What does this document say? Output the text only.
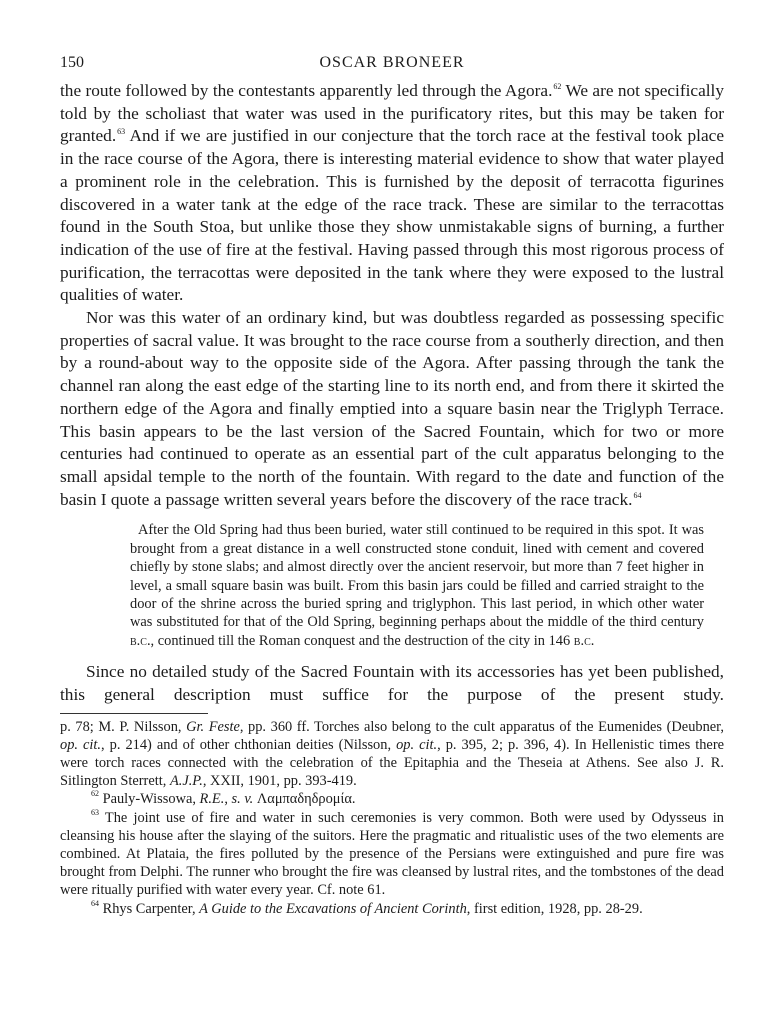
150	OSCAR BRONEER

the route followed by the contestants apparently led through the Agora.$^{62}$ We are not specifically told by the scholiast that water was used in the purificatory rites, but this may be taken for granted.$^{63}$ And if we are justified in our conjecture that the torch race at the festival took place in the race course of the Agora, there is interesting material evidence to show that water played a prominent role in the celebration. This is furnished by the deposit of terracotta figurines discovered in a water tank at the edge of the race track. These are similar to the terracottas found in the South Stoa, but unlike those they show unmistakable signs of burning, a further indication of the use of fire at the festival. Having passed through this most rigorous process of purification, the terracottas were deposited in the tank where they were exposed to the lustral qualities of water.

Nor was this water of an ordinary kind, but was doubtless regarded as possessing specific properties of sacral value. It was brought to the race course from a southerly direction, and then by a round-about way to the opposite side of the Agora. After passing through the tank the channel ran along the east edge of the starting line to its north end, and from there it skirted the northern edge of the Agora and finally emptied into a square basin near the Triglyph Terrace. This basin appears to be the last version of the Sacred Fountain, which for two or more centuries had continued to operate as an essential part of the cult apparatus belonging to the small apsidal temple to the north of the fountain. With regard to the date and function of the basin I quote a passage written several years before the discovery of the race track.$^{64}$

After the Old Spring had thus been buried, water still continued to be required in this spot. It was brought from a great distance in a well constructed stone conduit, lined with cement and covered chiefly by stone slabs; and almost directly over the ancient reservoir, but more than 7 feet higher in level, a small square basin was built. From this basin jars could be filled and carried straight to the door of the shrine across the buried spring and triglyphon. This last period, in which other water was substituted for that of the Old Spring, beginning perhaps about the middle of the third century b.c., continued till the Roman conquest and the destruction of the city in 146 b.c.

Since no detailed study of the Sacred Fountain with its accessories has yet been published, this general description must suffice for the purpose of the present study.

p. 78; M. P. Nilsson, Gr. Feste, pp. 360 ff. Torches also belong to the cult apparatus of the Eumenides (Deubner, op. cit., p. 214) and of other chthonian deities (Nilsson, op. cit., p. 395, 2; p. 396, 4). In Hellenistic times there were torch races connected with the celebration of the Epitaphia and the Theseia at Athens. See also J. R. Sitlington Sterrett, A.J.P., XXII, 1901, pp. 393-419.

$^{62}$ Pauly-Wissowa, R.E., s. v. Λαμπαδηδρομία.

$^{63}$ The joint use of fire and water in such ceremonies is very common. Both were used by Odysseus in cleansing his house after the slaying of the suitors. Here the pragmatic and ritualistic uses of the two elements are combined. At Plataia, the fires polluted by the presence of the Persians were extinguished and pure fire was brought from Delphi. The runner who brought the fire was cleansed by lustral rites, and the tombstones of the dead were ritually purified with water every year. Cf. note 61.

$^{64}$ Rhys Carpenter, A Guide to the Excavations of Ancient Corinth, first edition, 1928, pp. 28-29.
